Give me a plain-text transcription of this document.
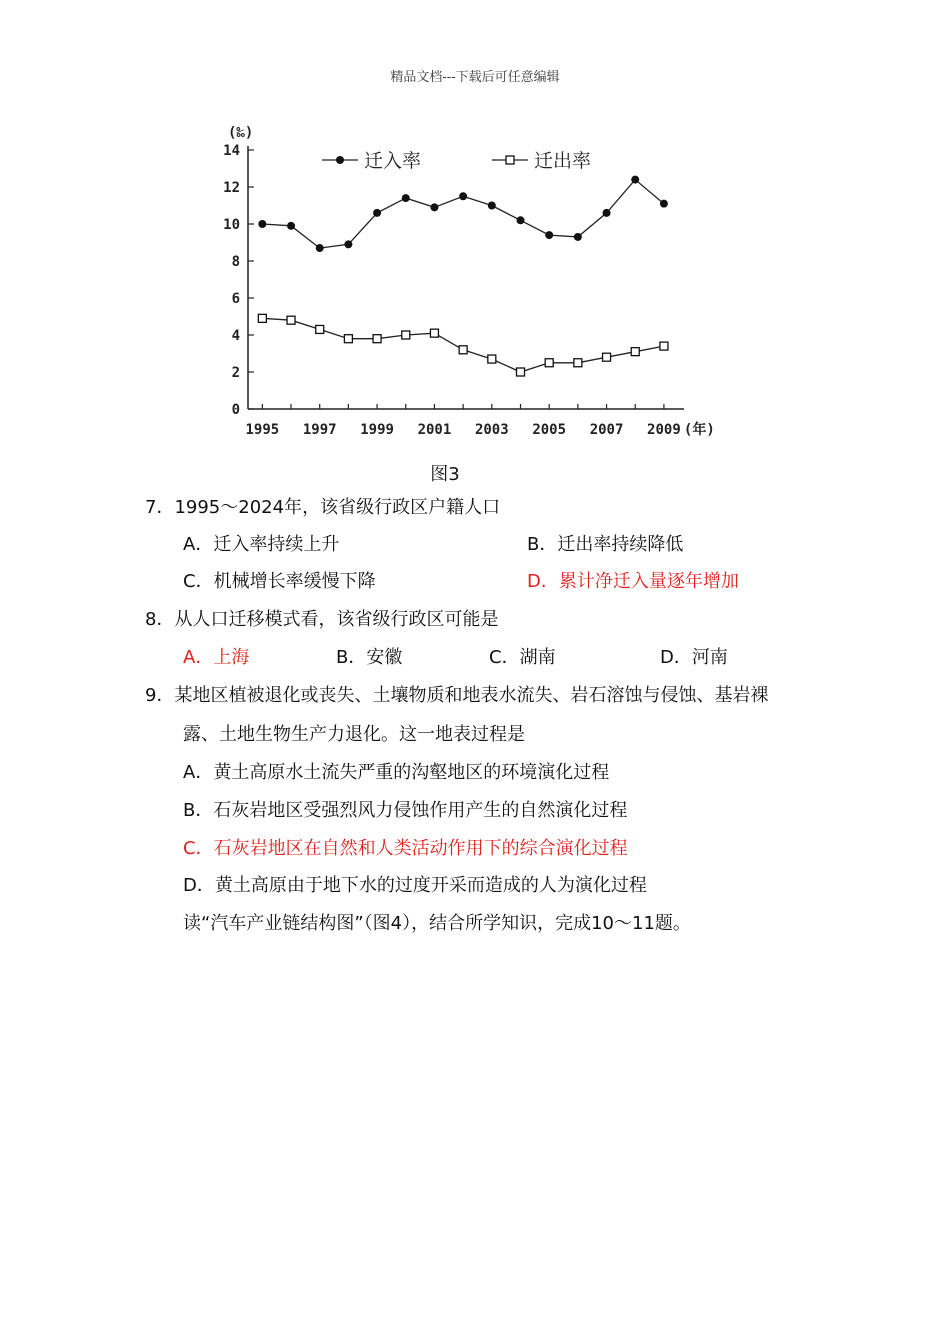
精品文档---下载后可任意编辑
(‰)
0
2
4
6
8
10
12
14
1995 1997 1999 2001 2003 2005 2007 2009 (年)
迁入率	迁出率
图3
7．1995～2024年，该省级行政区户籍人口
A．迁入率持续上升	B．迁出率持续降低
C．机械增长率缓慢下降	D．累计净迁入量逐年增加
8．从人口迁移模式看，该省级行政区可能是
A．上海	B．安徽	C．湖南	D．河南
9．某地区植被退化或丧失、土壤物质和地表水流失、岩石溶蚀与侵蚀、基岩裸
露、土地生物生产力退化。这一地表过程是
A．黄土高原水土流失严重的沟壑地区的环境演化过程
B．石灰岩地区受强烈风力侵蚀作用产生的自然演化过程
C．石灰岩地区在自然和人类活动作用下的综合演化过程
D．黄土高原由于地下水的过度开采而造成的人为演化过程
读“汽车产业链结构图”（图4），结合所学知识，完成10～11题。
